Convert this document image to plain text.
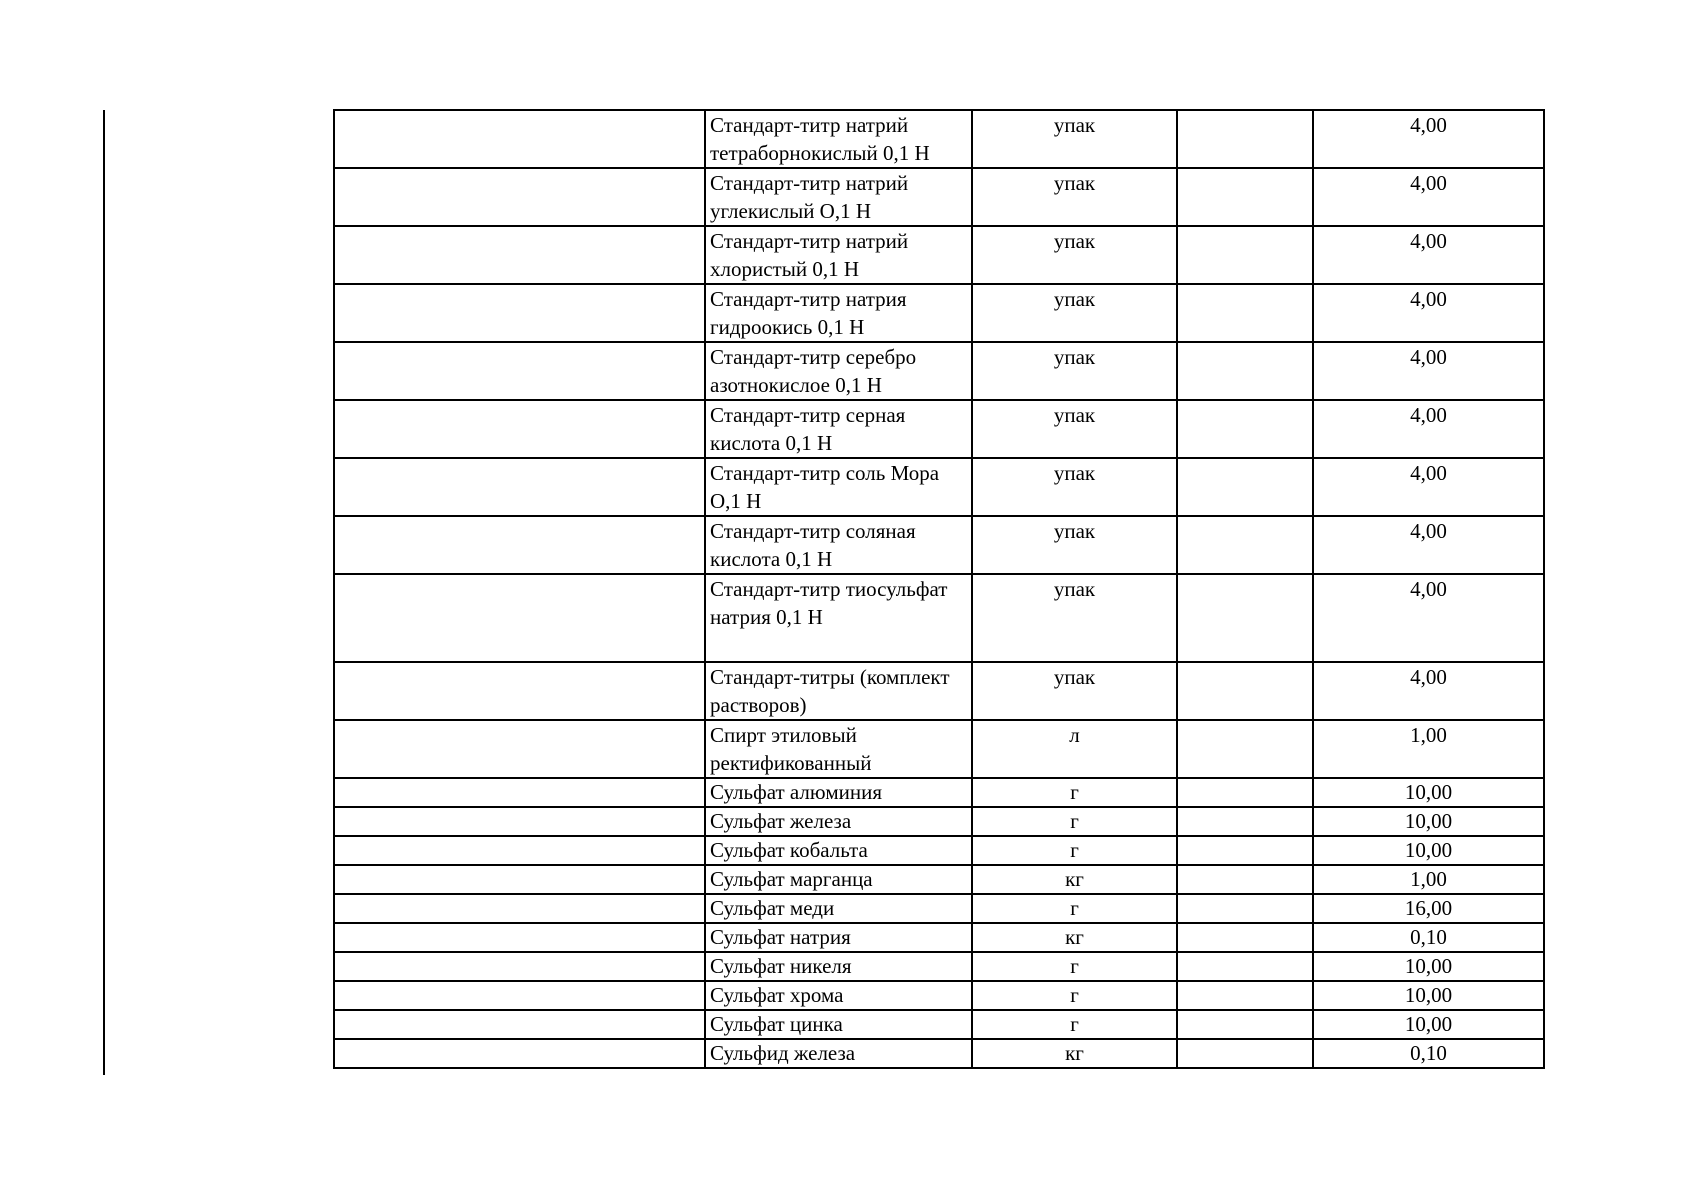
	Стандарт-титр натрий тетраборнокислый 0,1 Н	упак		4,00
	Стандарт-титр натрий углекислый О,1 Н	упак		4,00
	Стандарт-титр натрий хлористый 0,1 Н	упак		4,00
	Стандарт-титр натрия гидроокись 0,1 Н	упак		4,00
	Стандарт-титр серебро азотнокислое 0,1 Н	упак		4,00
	Стандарт-титр серная кислота 0,1 Н	упак		4,00
	Стандарт-титр соль Мора О,1 Н	упак		4,00
	Стандарт-титр соляная кислота 0,1 Н	упак		4,00
	Стандарт-титр тиосульфат натрия 0,1 Н	упак		4,00
	Стандарт-титры (комплект растворов)	упак		4,00
	Спирт этиловый ректификованный	л		1,00
	Сульфат алюминия	г		10,00
	Сульфат железа	г		10,00
	Сульфат кобальта	г		10,00
	Сульфат марганца	кг		1,00
	Сульфат меди	г		16,00
	Сульфат натрия	кг		0,10
	Сульфат никеля	г		10,00
	Сульфат хрома	г		10,00
	Сульфат цинка	г		10,00
	Сульфид железа	кг		0,10
